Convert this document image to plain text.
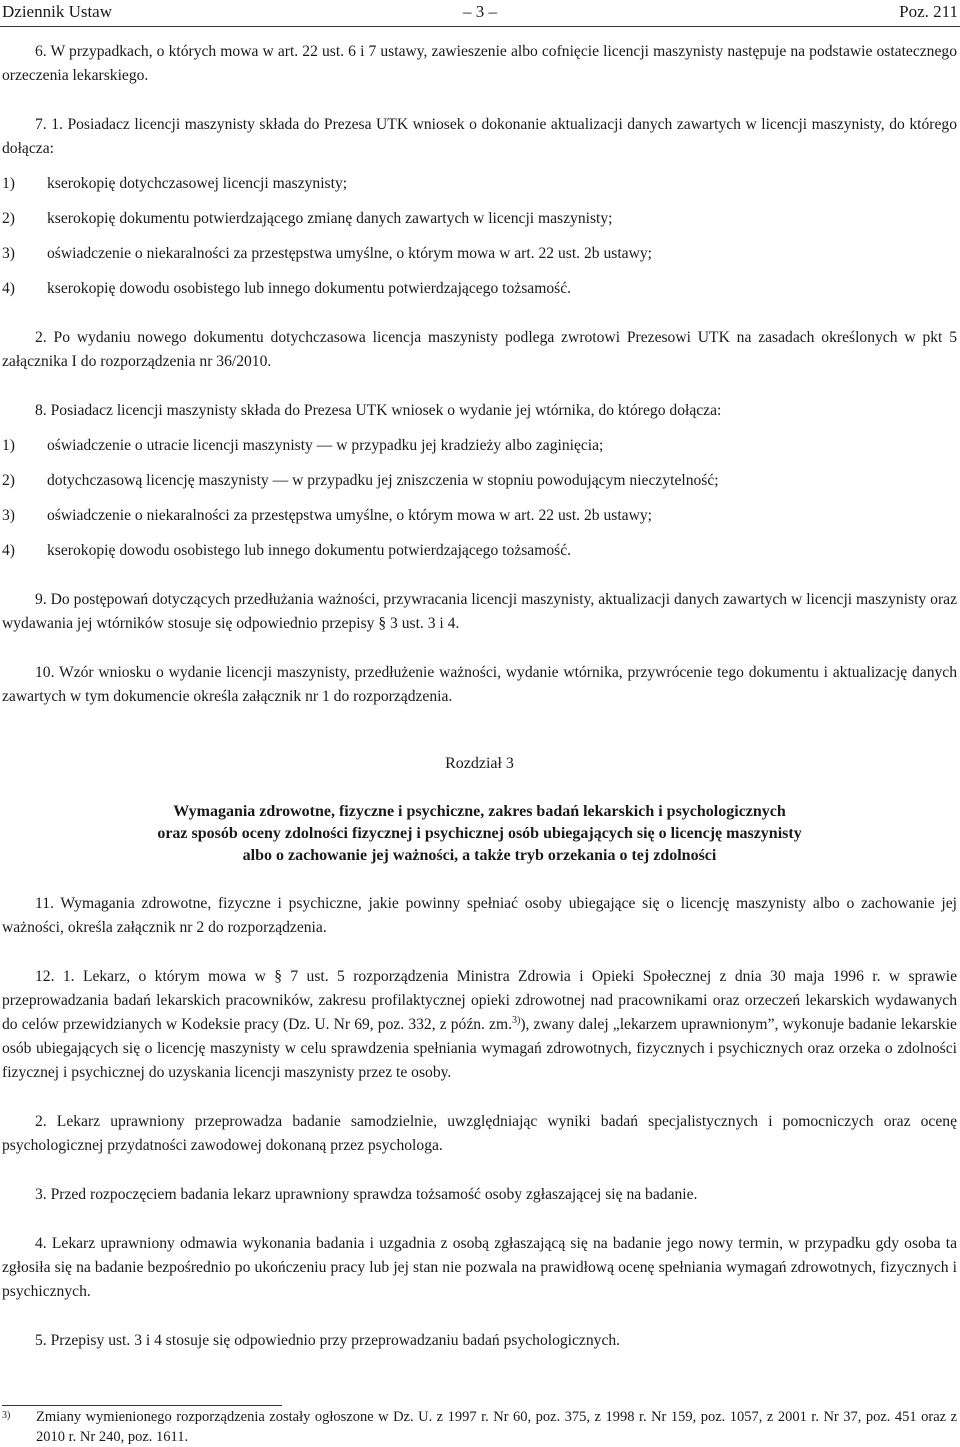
Dziennik Ustaw	– 3 –	Poz. 211

6. W przypadkach, o których mowa w art. 22 ust. 6 i 7 ustawy, zawieszenie albo cofnięcie licencji maszynisty następuje na podstawie ostatecznego orzeczenia lekarskiego.

7. 1. Posiadacz licencji maszynisty składa do Prezesa UTK wniosek o dokonanie aktualizacji danych zawartych w licencji maszynisty, do którego dołącza:

1)	kserokopię dotychczasowej licencji maszynisty;
2)	kserokopię dokumentu potwierdzającego zmianę danych zawartych w licencji maszynisty;
3)	oświadczenie o niekaralności za przestępstwa umyślne, o którym mowa w art. 22 ust. 2b ustawy;
4)	kserokopię dowodu osobistego lub innego dokumentu potwierdzającego tożsamość.

2. Po wydaniu nowego dokumentu dotychczasowa licencja maszynisty podlega zwrotowi Prezesowi UTK na zasadach określonych w pkt 5 załącznika I do rozporządzenia nr 36/2010.

8. Posiadacz licencji maszynisty składa do Prezesa UTK wniosek o wydanie jej wtórnika, do którego dołącza:

1)	oświadczenie o utracie licencji maszynisty — w przypadku jej kradzieży albo zaginięcia;
2)	dotychczasową licencję maszynisty — w przypadku jej zniszczenia w stopniu powodującym nieczytelność;
3)	oświadczenie o niekaralności za przestępstwa umyślne, o którym mowa w art. 22 ust. 2b ustawy;
4)	kserokopię dowodu osobistego lub innego dokumentu potwierdzającego tożsamość.

9. Do postępowań dotyczących przedłużania ważności, przywracania licencji maszynisty, aktualizacji danych zawartych w licencji maszynisty oraz wydawania jej wtórników stosuje się odpowiednio przepisy § 3 ust. 3 i 4.

10. Wzór wniosku o wydanie licencji maszynisty, przedłużenie ważności, wydanie wtórnika, przywrócenie tego dokumentu i aktualizację danych zawartych w tym dokumencie określa załącznik nr 1 do rozporządzenia.

Rozdział 3

Wymagania zdrowotne, fizyczne i psychiczne, zakres badań lekarskich i psychologicznych
oraz sposób oceny zdolności fizycznej i psychicznej osób ubiegających się o licencję maszynisty
albo o zachowanie jej ważności, a także tryb orzekania o tej zdolności

11. Wymagania zdrowotne, fizyczne i psychiczne, jakie powinny spełniać osoby ubiegające się o licencję maszynisty albo o zachowanie jej ważności, określa załącznik nr 2 do rozporządzenia.

12. 1. Lekarz, o którym mowa w § 7 ust. 5 rozporządzenia Ministra Zdrowia i Opieki Społecznej z dnia 30 maja 1996 r. w sprawie przeprowadzania badań lekarskich pracowników, zakresu profilaktycznej opieki zdrowotnej nad pracownikami oraz orzeczeń lekarskich wydawanych do celów przewidzianych w Kodeksie pracy (Dz. U. Nr 69, poz. 332, z późn. zm.$^{3)}$), zwany dalej „lekarzem uprawnionym”, wykonuje badanie lekarskie osób ubiegających się o licencję maszynisty w celu sprawdzenia spełniania wymagań zdrowotnych, fizycznych i psychicznych oraz orzeka o zdolności fizycznej i psychicznej do uzyskania licencji maszynisty przez te osoby.

2. Lekarz uprawniony przeprowadza badanie samodzielnie, uwzględniając wyniki badań specjalistycznych i pomocniczych oraz ocenę psychologicznej przydatności zawodowej dokonaną przez psychologa.

3. Przed rozpoczęciem badania lekarz uprawniony sprawdza tożsamość osoby zgłaszającej się na badanie.

4. Lekarz uprawniony odmawia wykonania badania i uzgadnia z osobą zgłaszającą się na badanie jego nowy termin, w przypadku gdy osoba ta zgłosiła się na badanie bezpośrednio po ukończeniu pracy lub jej stan nie pozwala na prawidłową ocenę spełniania wymagań zdrowotnych, fizycznych i psychicznych.

5. Przepisy ust. 3 i 4 stosuje się odpowiednio przy przeprowadzaniu badań psychologicznych.

3)	Zmiany wymienionego rozporządzenia zostały ogłoszone w Dz. U. z 1997 r. Nr 60, poz. 375, z 1998 r. Nr 159, poz. 1057, z 2001 r. Nr 37, poz. 451 oraz z 2010 r. Nr 240, poz. 1611.
